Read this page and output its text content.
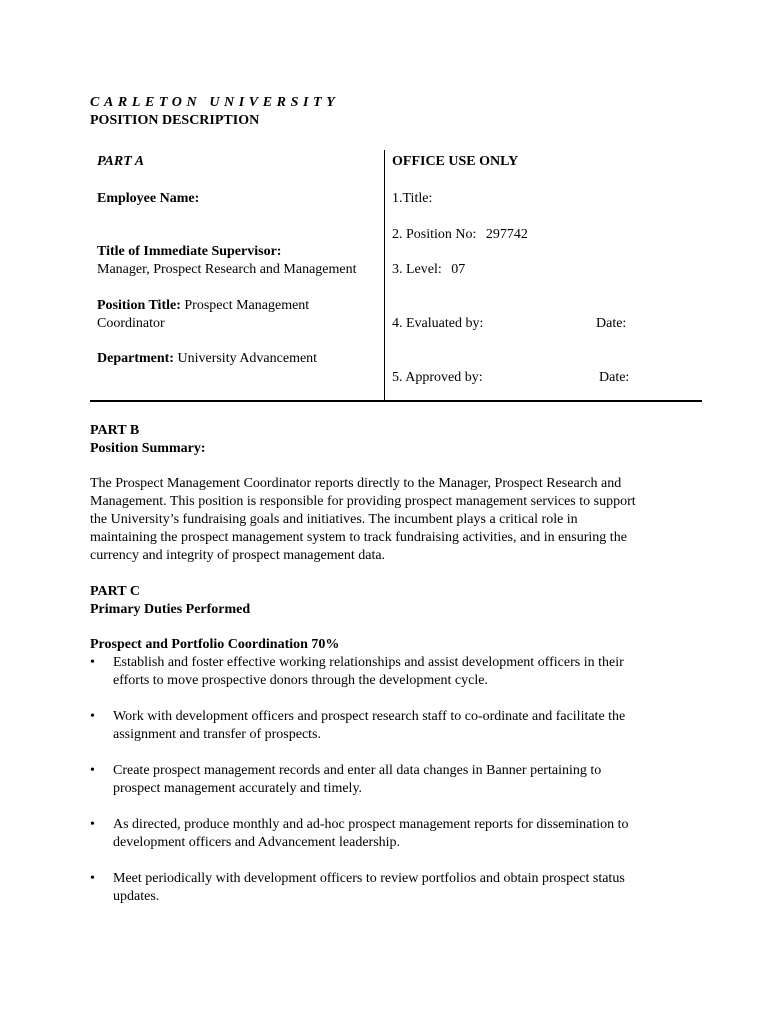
CARLETON UNIVERSITY
POSITION DESCRIPTION
PART A
Employee Name:
Title of Immediate Supervisor:
Manager, Prospect Research and Management
Position Title: Prospect Management
Coordinator
Department: University Advancement
OFFICE USE ONLY
1.Title:
2. Position No: 297742
3. Level: 07
4. Evaluated by:	Date:
5. Approved by:	Date:
PART B
Position Summary:
The Prospect Management Coordinator reports directly to the Manager, Prospect Research and
Management. This position is responsible for providing prospect management services to support
the University’s fundraising goals and initiatives. The incumbent plays a critical role in
maintaining the prospect management system to track fundraising activities, and in ensuring the
currency and integrity of prospect management data.
PART C
Primary Duties Performed
Prospect and Portfolio Coordination 70%
• Establish and foster effective working relationships and assist development officers in their
efforts to move prospective donors through the development cycle.
• Work with development officers and prospect research staff to co-ordinate and facilitate the
assignment and transfer of prospects.
• Create prospect management records and enter all data changes in Banner pertaining to
prospect management accurately and timely.
• As directed, produce monthly and ad-hoc prospect management reports for dissemination to
development officers and Advancement leadership.
• Meet periodically with development officers to review portfolios and obtain prospect status
updates.
